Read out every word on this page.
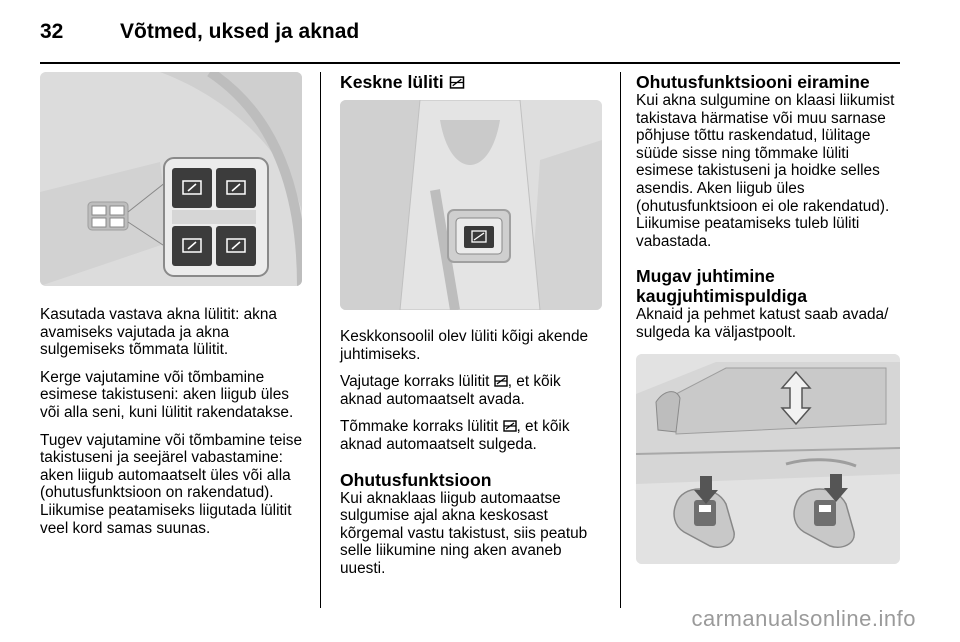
32	Võtmed, uksed ja aknad

Kasutada vastava akna lülitit: akna avamiseks vajutada ja akna sulgemiseks tõmmata lülitit.

Kerge vajutamine või tõmbamine esimese takistuseni: aken liigub üles või alla seni, kuni lülitit rakendatakse.

Tugev vajutamine või tõmbamine teise takistuseni ja seejärel vabastamine: aken liigub automaatselt üles või alla (ohutusfunktsioon on rakendatud). Liikumise peatamiseks liigutada lülitit veel kord samas suunas.

Keskne lüliti

Keskkonsoolil olev lüliti kõigi akende juhtimiseks.

Vajutage korraks lülitit , et kõik aknad automaatselt avada.

Tõmmake korraks lülitit , et kõik aknad automaatselt sulgeda.

Ohutusfunktsioon

Kui aknaklaas liigub automaatse sulgumise ajal akna keskosast kõrgemal vastu takistust, siis peatub selle liikumine ning aken avaneb uuesti.

Ohutusfunktsiooni eiramine

Kui akna sulgumine on klaasi liikumist takistava härmatise või muu sarnase põhjuse tõttu raskendatud, lülitage süüde sisse ning tõmmake lüliti esimese takistuseni ja hoidke selles asendis. Aken liigub üles (ohutusfunktsioon ei ole rakendatud). Liikumise peatamiseks tuleb lüliti vabastada.

Mugav juhtimine
kaugjuhtimispuldiga

Aknaid ja pehmet katust saab avada/ sulgeda ka väljastpoolt.

carmanualsonline.info
